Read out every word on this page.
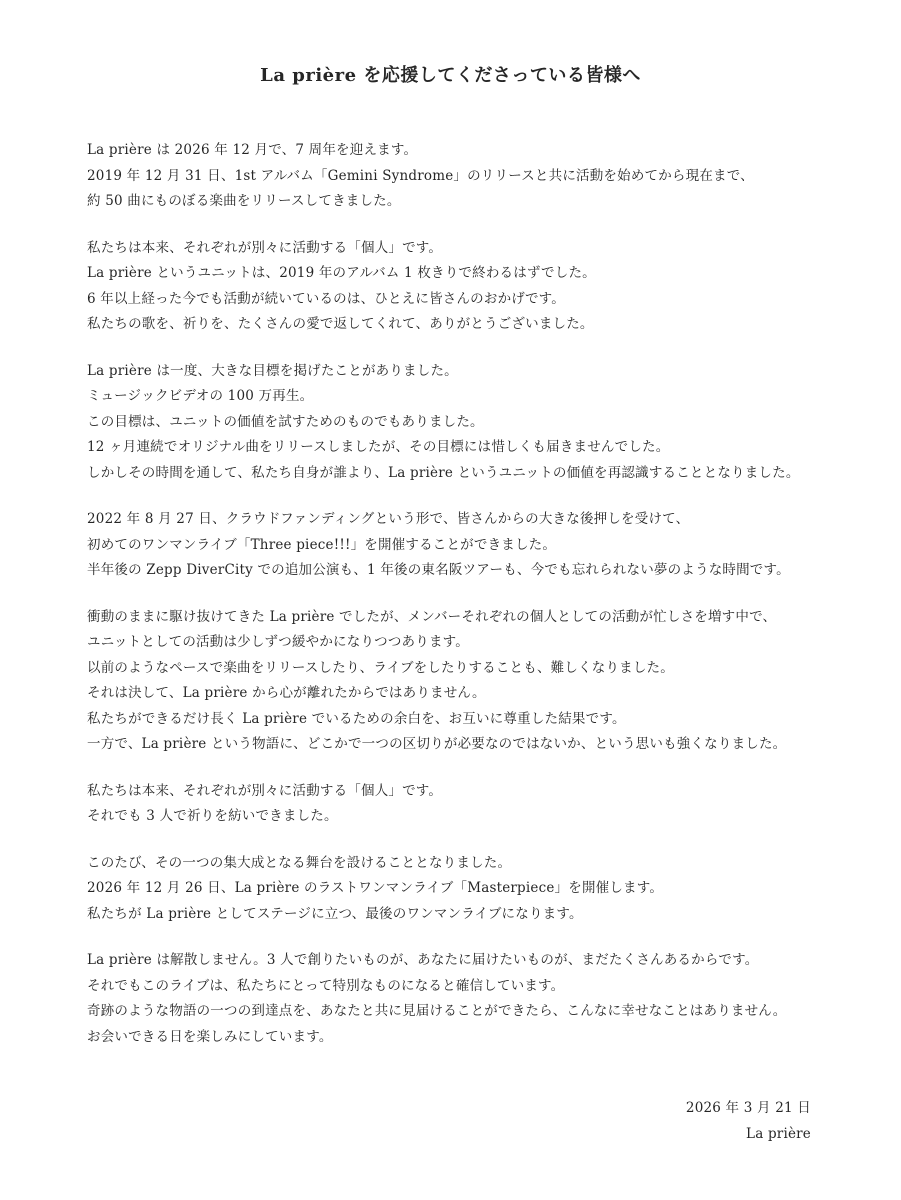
La prière を応援してくださっている皆様へ
La prière は 2026 年 12 月で、7 周年を迎えます。
2019 年 12 月 31 日、1st アルバム「Gemini Syndrome」のリリースと共に活動を始めてから現在まで、
約 50 曲にものぼる楽曲をリリースしてきました。
私たちは本来、それぞれが別々に活動する「個人」です。
La prière というユニットは、2019 年のアルバム 1 枚きりで終わるはずでした。
6 年以上経った今でも活動が続いているのは、ひとえに皆さんのおかげです。
私たちの歌を、祈りを、たくさんの愛で返してくれて、ありがとうございました。
La prière は一度、大きな目標を掲げたことがありました。
ミュージックビデオの 100 万再生。
この目標は、ユニットの価値を試すためのものでもありました。
12 ヶ月連続でオリジナル曲をリリースしましたが、その目標には惜しくも届きませんでした。
しかしその時間を通して、私たち自身が誰より、La prière というユニットの価値を再認識することとなりました。
2022 年 8 月 27 日、クラウドファンディングという形で、皆さんからの大きな後押しを受けて、
初めてのワンマンライブ「Three piece!!!」を開催することができました。
半年後の Zepp DiverCity での追加公演も、1 年後の東名阪ツアーも、今でも忘れられない夢のような時間です。
衝動のままに駆け抜けてきた La prière でしたが、メンバーそれぞれの個人としての活動が忙しさを増す中で、
ユニットとしての活動は少しずつ緩やかになりつつあります。
以前のようなペースで楽曲をリリースしたり、ライブをしたりすることも、難しくなりました。
それは決して、La prière から心が離れたからではありません。
私たちができるだけ長く La prière でいるための余白を、お互いに尊重した結果です。
一方で、La prière という物語に、どこかで一つの区切りが必要なのではないか、という思いも強くなりました。
私たちは本来、それぞれが別々に活動する「個人」です。
それでも 3 人で祈りを紡いできました。
このたび、その一つの集大成となる舞台を設けることとなりました。
2026 年 12 月 26 日、La prière のラストワンマンライブ「Masterpiece」を開催します。
私たちが La prière としてステージに立つ、最後のワンマンライブになります。
La prière は解散しません。3 人で創りたいものが、あなたに届けたいものが、まだたくさんあるからです。
それでもこのライブは、私たちにとって特別なものになると確信しています。
奇跡のような物語の一つの到達点を、あなたと共に見届けることができたら、こんなに幸せなことはありません。
お会いできる日を楽しみにしています。
2026 年 3 月 21 日
La prière
